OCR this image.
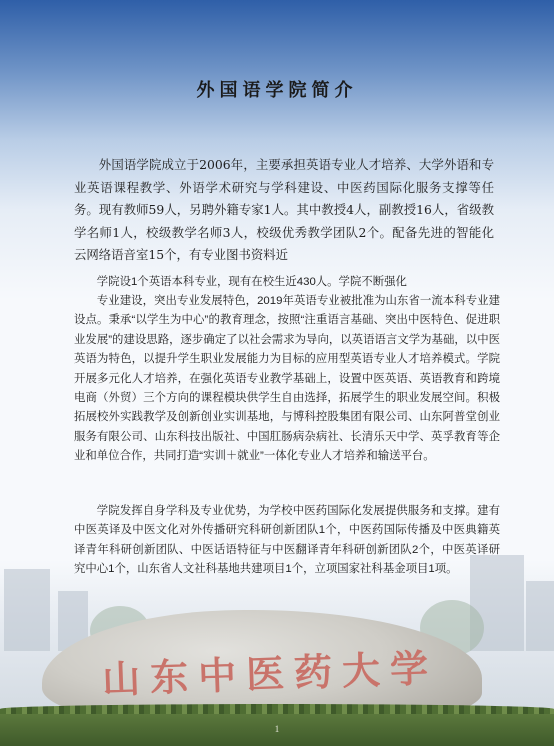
山东中医药大学
外国语学院简介

外国语学院成立于2006年，主要承担英语专业人才培养、大学外语和专业英语课程教学、外语学术研究与学科建设、中医药国际化服务支撑等任务。现有教师59人，另聘外籍专家1人。其中教授4人，副教授16人，省级教学名师1人，校级教学名师3人，校级优秀教学团队2个。配备先进的智能化云网络语音室15个，有专业图书资料近

学院设1个英语本科专业，现有在校生近430人。学院不断强化

专业建设，突出专业发展特色，2019年英语专业被批准为山东省一流本科专业建设点。秉承“以学生为中心”的教育理念，按照“注重语言基础、突出中医特色、促进职业发展”的建设思路，逐步确定了以社会需求为导向，以英语语言文学为基础，以中医英语为特色，以提升学生职业发展能力为目标的应用型英语专业人才培养模式。学院开展多元化人才培养，在强化英语专业教学基础上，设置中医英语、英语教育和跨境电商（外贸）三个方向的课程模块供学生自由选择，拓展学生的职业发展空间。积极拓展校外实践教学及创新创业实训基地，与博科控股集团有限公司、山东阿普堂创业服务有限公司、山东科技出版社、中国肛肠病杂病社、长清乐天中学、英孚教育等企业和单位合作，共同打造“实训＋就业”一体化专业人才培养和输送平台。

学院发挥自身学科及专业优势，为学校中医药国际化发展提供服务和支撑。建有中医英译及中医文化对外传播研究科研创新团队1个，中医药国际传播及中医典籍英译青年科研创新团队、中医话语特征与中医翻译青年科研创新团队2个，中医英译研究中心1个，山东省人文社科基地共建项目1个，立项国家社科基金项目1项。

1
